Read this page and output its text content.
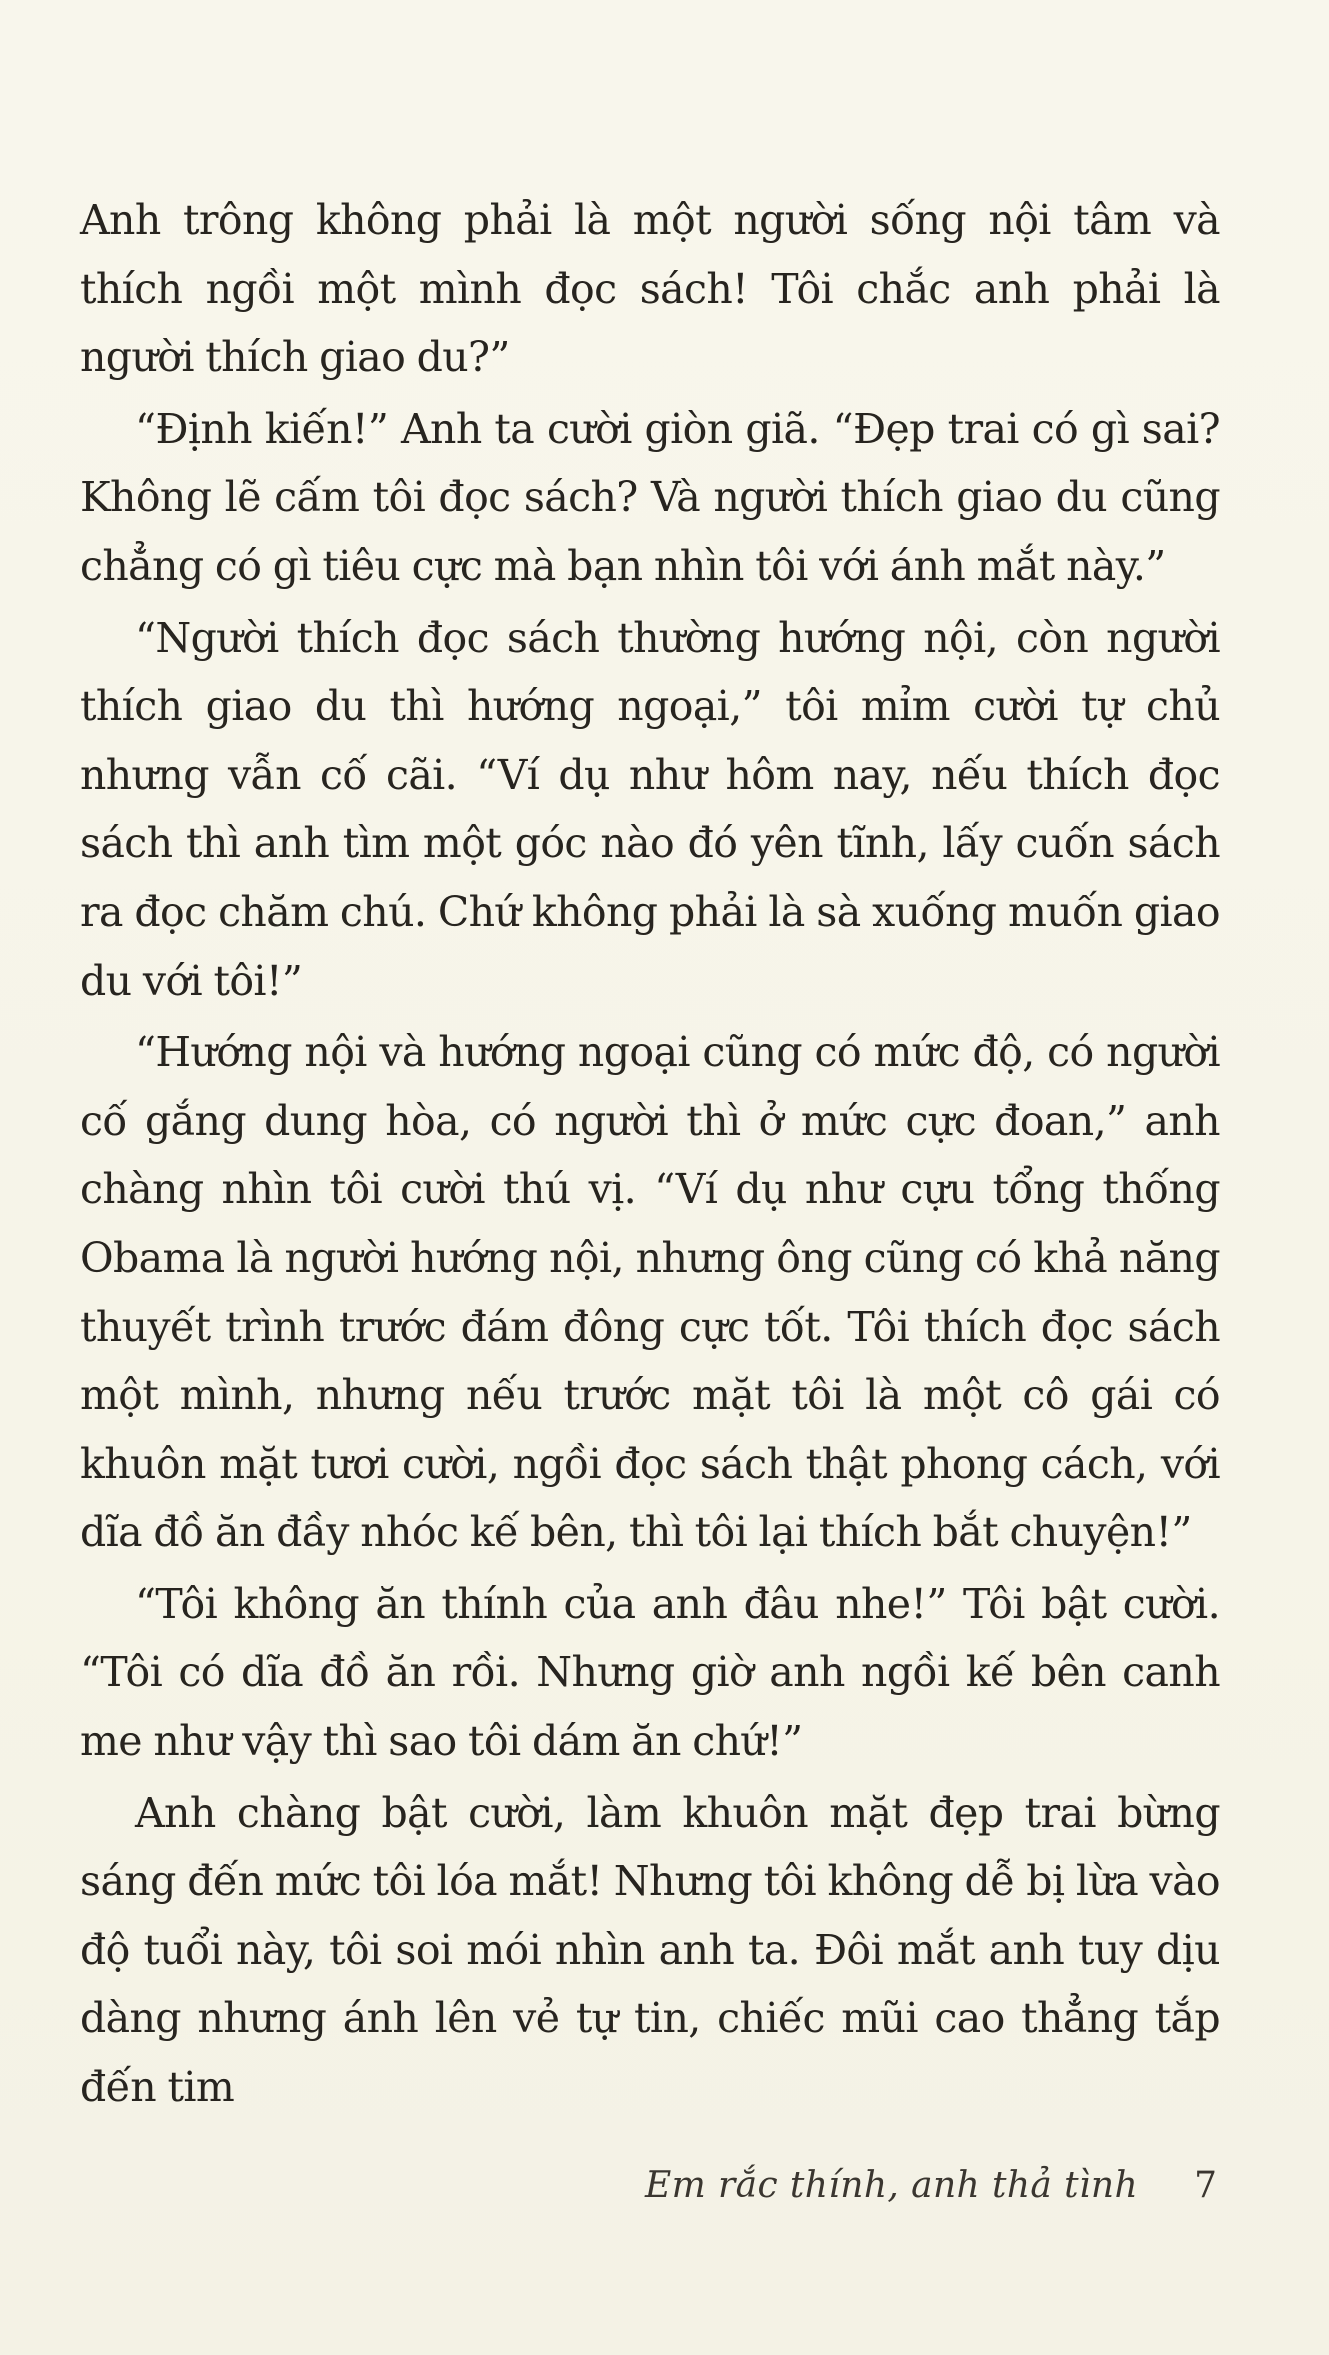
Anh trông không phải là một người sống nội tâm và thích ngồi một mình đọc sách! Tôi chắc anh phải là người thích giao du?”

“Định kiến!” Anh ta cười giòn giã. “Đẹp trai có gì sai? Không lẽ cấm tôi đọc sách? Và người thích giao du cũng chẳng có gì tiêu cực mà bạn nhìn tôi với ánh mắt này.”

“Người thích đọc sách thường hướng nội, còn người thích giao du thì hướng ngoại,” tôi mỉm cười tự chủ nhưng vẫn cố cãi. “Ví dụ như hôm nay, nếu thích đọc sách thì anh tìm một góc nào đó yên tĩnh, lấy cuốn sách ra đọc chăm chú. Chứ không phải là sà xuống muốn giao du với tôi!”

“Hướng nội và hướng ngoại cũng có mức độ, có người cố gắng dung hòa, có người thì ở mức cực đoan,” anh chàng nhìn tôi cười thú vị. “Ví dụ như cựu tổng thống Obama là người hướng nội, nhưng ông cũng có khả năng thuyết trình trước đám đông cực tốt. Tôi thích đọc sách một mình, nhưng nếu trước mặt tôi là một cô gái có khuôn mặt tươi cười, ngồi đọc sách thật phong cách, với dĩa đồ ăn đầy nhóc kế bên, thì tôi lại thích bắt chuyện!”

“Tôi không ăn thính của anh đâu nhe!” Tôi bật cười. “Tôi có dĩa đồ ăn rồi. Nhưng giờ anh ngồi kế bên canh me như vậy thì sao tôi dám ăn chứ!”

Anh chàng bật cười, làm khuôn mặt đẹp trai bừng sáng đến mức tôi lóa mắt! Nhưng tôi không dễ bị lừa vào độ tuổi này, tôi soi mói nhìn anh ta. Đôi mắt anh tuy dịu dàng nhưng ánh lên vẻ tự tin, chiếc mũi cao thẳng tắp đến tim

Em rắc thính, anh thả tình 7
